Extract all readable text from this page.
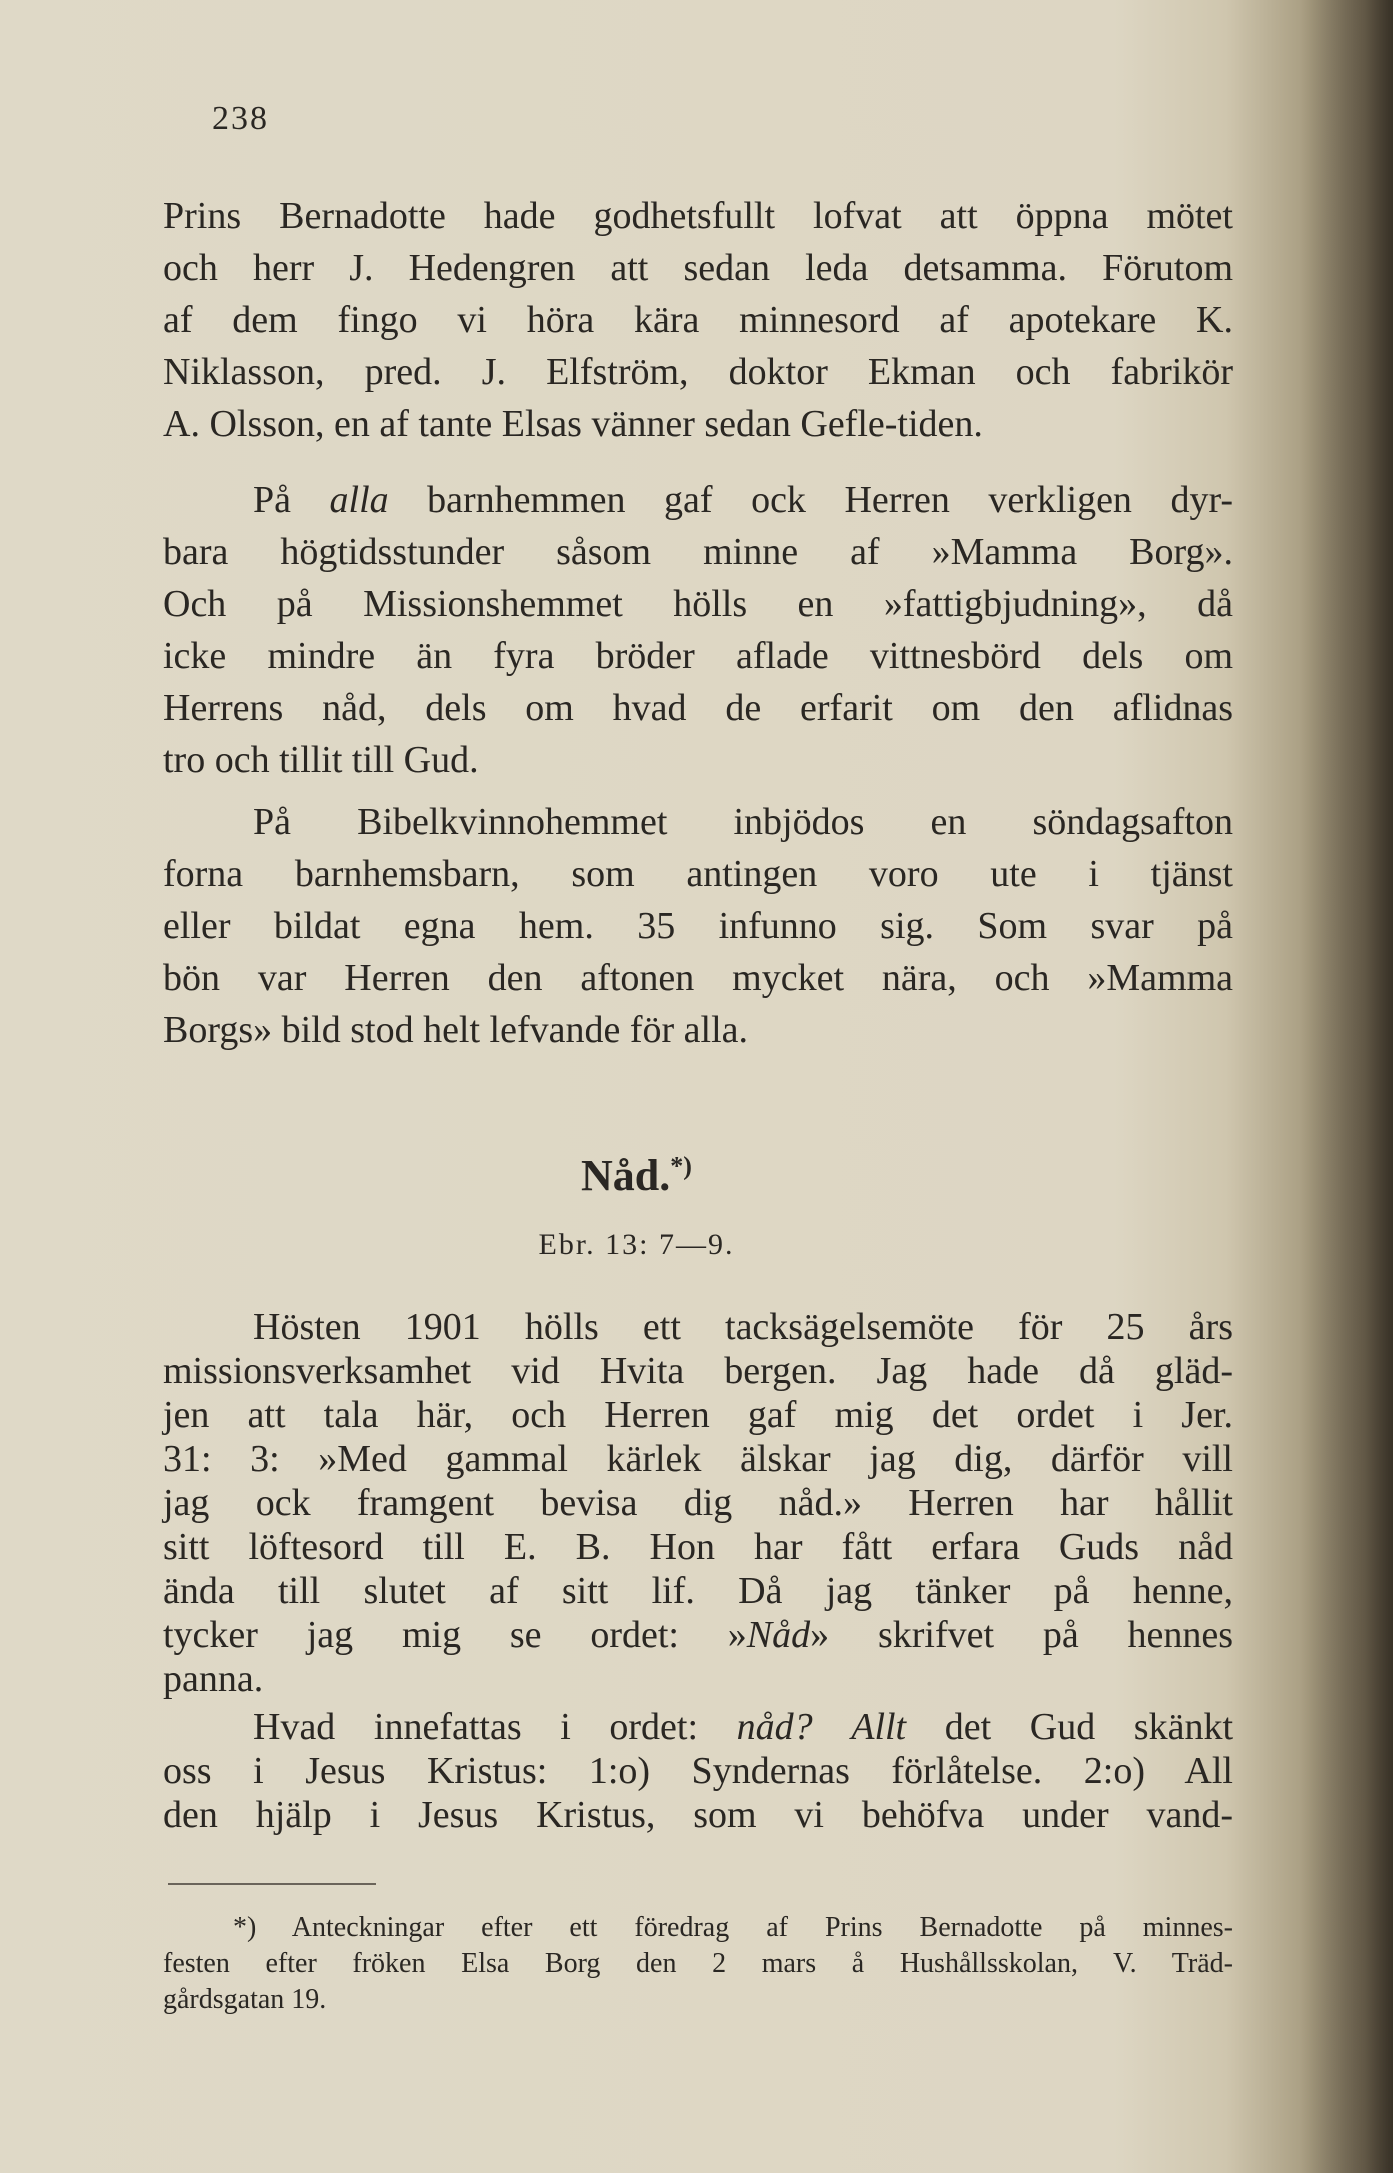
238
Prins Bernadotte hade godhetsfullt lofvat att öppna mötet
och herr J. Hedengren att sedan leda detsamma. Förutom
af dem fingo vi höra kära minnesord af apotekare K.
Niklasson, pred. J. Elfström, doktor Ekman och fabrikör
A. Olsson, en af tante Elsas vänner sedan Gefle-tiden.
På alla barnhemmen gaf ock Herren verkligen dyr-
bara högtidsstunder såsom minne af »Mamma Borg».
Och på Missionshemmet hölls en »fattigbjudning», då
icke mindre än fyra bröder aflade vittnesbörd dels om
Herrens nåd, dels om hvad de erfarit om den aflidnas
tro och tillit till Gud.
På Bibelkvinnohemmet inbjödos en söndagsafton
forna barnhemsbarn, som antingen voro ute i tjänst
eller bildat egna hem. 35 infunno sig. Som svar på
bön var Herren den aftonen mycket nära, och »Mamma
Borgs» bild stod helt lefvande för alla.
Nåd.*)
Ebr. 13: 7—9.
Hösten 1901 hölls ett tacksägelsemöte för 25 års
missionsverksamhet vid Hvita bergen. Jag hade då gläd-
jen att tala här, och Herren gaf mig det ordet i Jer.
31: 3: »Med gammal kärlek älskar jag dig, därför vill
jag ock framgent bevisa dig nåd.» Herren har hållit
sitt löftesord till E. B. Hon har fått erfara Guds nåd
ända till slutet af sitt lif. Då jag tänker på henne,
tycker jag mig se ordet: »Nåd» skrifvet på hennes
panna.
Hvad innefattas i ordet: nåd? Allt det Gud skänkt
oss i Jesus Kristus: 1:o) Syndernas förlåtelse. 2:o) All
den hjälp i Jesus Kristus, som vi behöfva under vand-
*) Anteckningar efter ett föredrag af Prins Bernadotte på minnes-
festen efter fröken Elsa Borg den 2 mars å Hushållsskolan, V. Träd-
gårdsgatan 19.
